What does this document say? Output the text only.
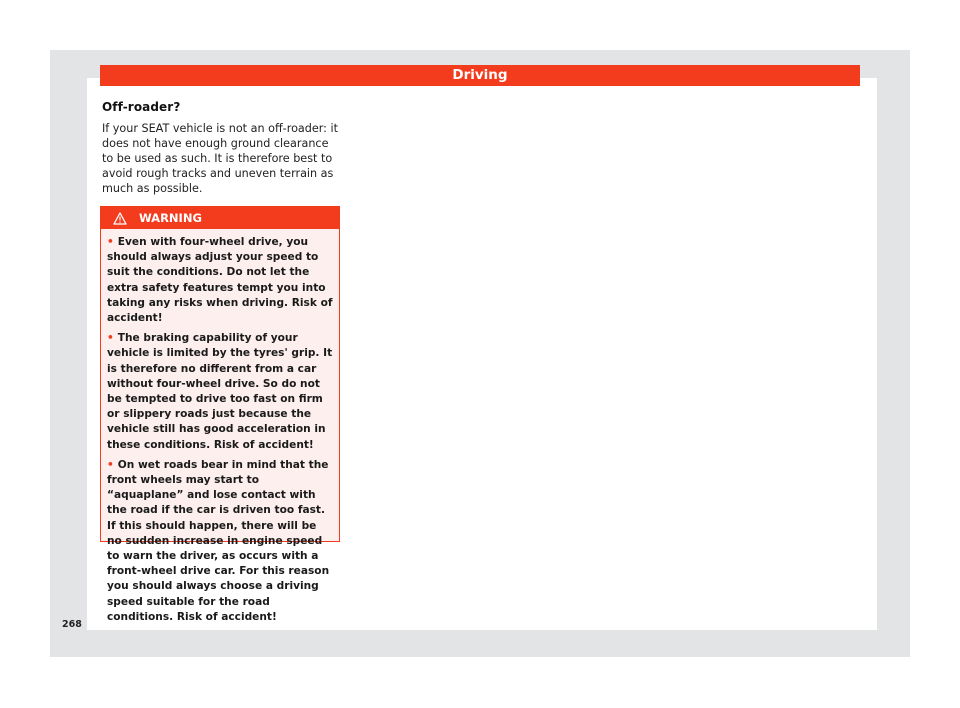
Driving
Off-roader?

If your SEAT vehicle is not an off-roader: it does not have enough ground clearance to be used as such. It is therefore best to avoid rough tracks and uneven terrain as much as possible.

WARNING
• Even with four-wheel drive, you should always adjust your speed to suit the conditions. Do not let the extra safety features tempt you into taking any risks when driving. Risk of accident!
• The braking capability of your vehicle is limited by the tyres' grip. It is therefore no different from a car without four-wheel drive. So do not be tempted to drive too fast on firm or slippery roads just because the vehicle still has good acceleration in these conditions. Risk of accident!
• On wet roads bear in mind that the front wheels may start to “aquaplane” and lose contact with the road if the car is driven too fast. If this should happen, there will be no sudden increase in engine speed to warn the driver, as occurs with a front-wheel drive car. For this reason you should always choose a driving speed suitable for the road conditions. Risk of accident!
268
